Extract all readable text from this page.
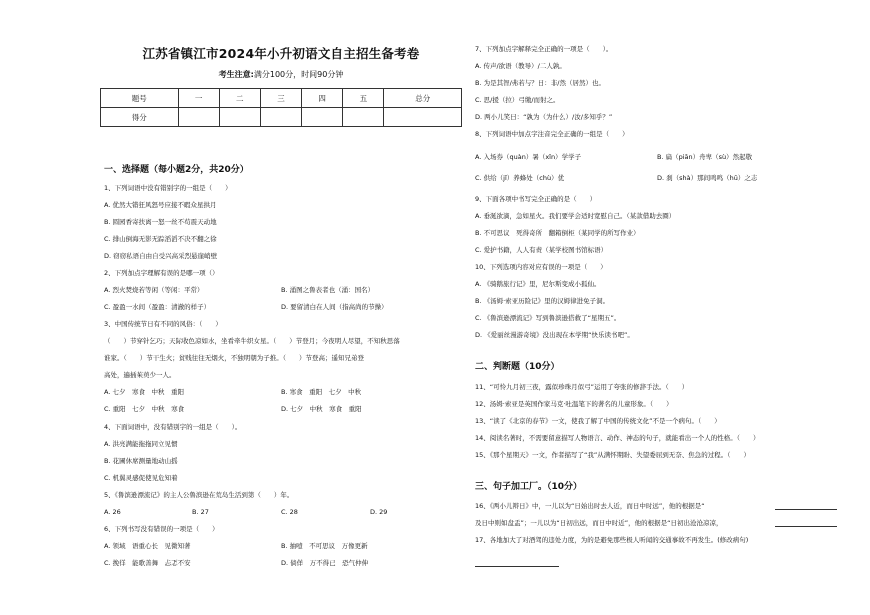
江苏省镇江市2024年小升初语文自主招生备考卷
考生注意:满分100分，时间90分钟
题号	一	二	三	四	五	总分
得分						
一、选择题（每小题2分，共20分）
1、下列词语中没有错别字的一组是（　　）
A. 优然大错狂风怒号应接不暇众星拱月
B. 圆园香寄扶离一怒一丝不苟震天动地
C. 排山倒海无影无踪滔滔不决不翻之徐
D. 窃窃私语自由自受兴高采烈悬崖峭壁
2、下列加点字理解有误的是哪一项（）
A. 烈火焚烧若等闲（等闲：平常）	B. 涌图之鲁表者也（涌：国名）
C. 盈盈一水间（盈盈：清澈的样子）	D. 要留清白在人间（指高尚的节操）
3、中国传统节日有不同的风俗：（　　）
（　　）节穿针乞巧；天际收色凉如水，坐看牵牛织女星。（　　）节登月；今夜明人尽望，不知秋思落
谁家。（　　）节干生火；贫贱往往无烟火，不独明朝为子推。（　　）节登高；遥知兄弟登
高处，遍插茱萸少一人。
A. 七夕　寒食　中秋　重阳	B. 寒食　重阳　七夕　中秋
C. 重阳　七夕　中秋　寒食	D. 七夕　中秋　寒食　重阳
4、下面词语中，没有错别字的一组是（　　）。
A. 洪亮满能拖拖同立见惯
B. 花圃休席测量地动山摇
C. 机翼灵感促使见危知着
5、《鲁滨逊漂流记》的主人公鲁滨逊在荒岛生活到第（　　）年。
A. 26	B. 27	C. 28	D. 29
6、下列书写没有错误的一项是（　　）
A. 领域　语重心长　见微知著	B. 抽噎　不可思议　万像更新
C. 挽徉　能歌善舞　忐忑不安	D. 倘佯　万不得已　恐气仲伸
7、下列加点字解释完全正确的一项是（　　）。
A. 传声/欲语（教导）/二人孰。
B. 为是其智/弗若与？日：非/然（居然）也。
C. 思/援（拉）弓缴/而射之。
D. 两小儿笑曰：“孰为（为什么）/汝/多知乎？”
8、下列词语中加点字注音完全正确的一组是（　　）
A. 入场券（quàn）暑（xǐn）学学子	B. 扁（piān）舟卑（sù）然起敬
C. 供给（jǐ）养蜂处（chù）优	D. 刹（shà）那间鸣鸣（hū）之志
9、下面各项中书写完全正确的是（　　）
A. 垂涎欲滴，急如星火。我们要学会适时宽慰自己。（某款借助去圈）
B. 不可思议　死得奇所　翻箱倒柜（某同学的所写作业）
C. 爱护书籍，人人有责（某学校图书馆标语）
10、下列选项内容对应有误的一项是（　　）
A. 《骑鹅旅行记》里，尼尔斯变成小狐仙。
B. 《汤姆·索亚历险记》里的汉姆律进免子洞。
C. 《鲁滨逊漂流记》写到鲁滨逊搭救了“星期五”。
D. 《爱丽丝漫游奇境》没出现在本学期“快乐读书吧”。
二、判断题（10分）
11、“可怜九月初三夜，露似珍珠月似弓”运用了夸张的修辞手法。（　　）
12、汤姆·索亚是英国作家马克·吐温笔下的著名的儿童形象。（　　）
13、“读了《北京的春节》一文，使我了解了中国的传统文化”不是一个病句。（　　）
14、阅读名著时，不需要留意描写人物语言、动作、神态的句子，就能看出一个人的性格。（　　）
15、《那个星期天》一文，作者描写了“我”从满怀期盼、失望委屈到无奈、焦急的过程。（　　）
三、句子加工厂。（10分）
16、《两小儿辩日》中，一儿以为“日始出时去人近，而日中时远”，他的根据是“
及日中则如盘盂”；一儿以为“日初出远，而日中时近”，他的根据是“日初出沧沧凉凉，
17、各地加大了对酒驾的违处力度，为的是避免那些极人听闻的交通事故不再发生。(修改病句)
